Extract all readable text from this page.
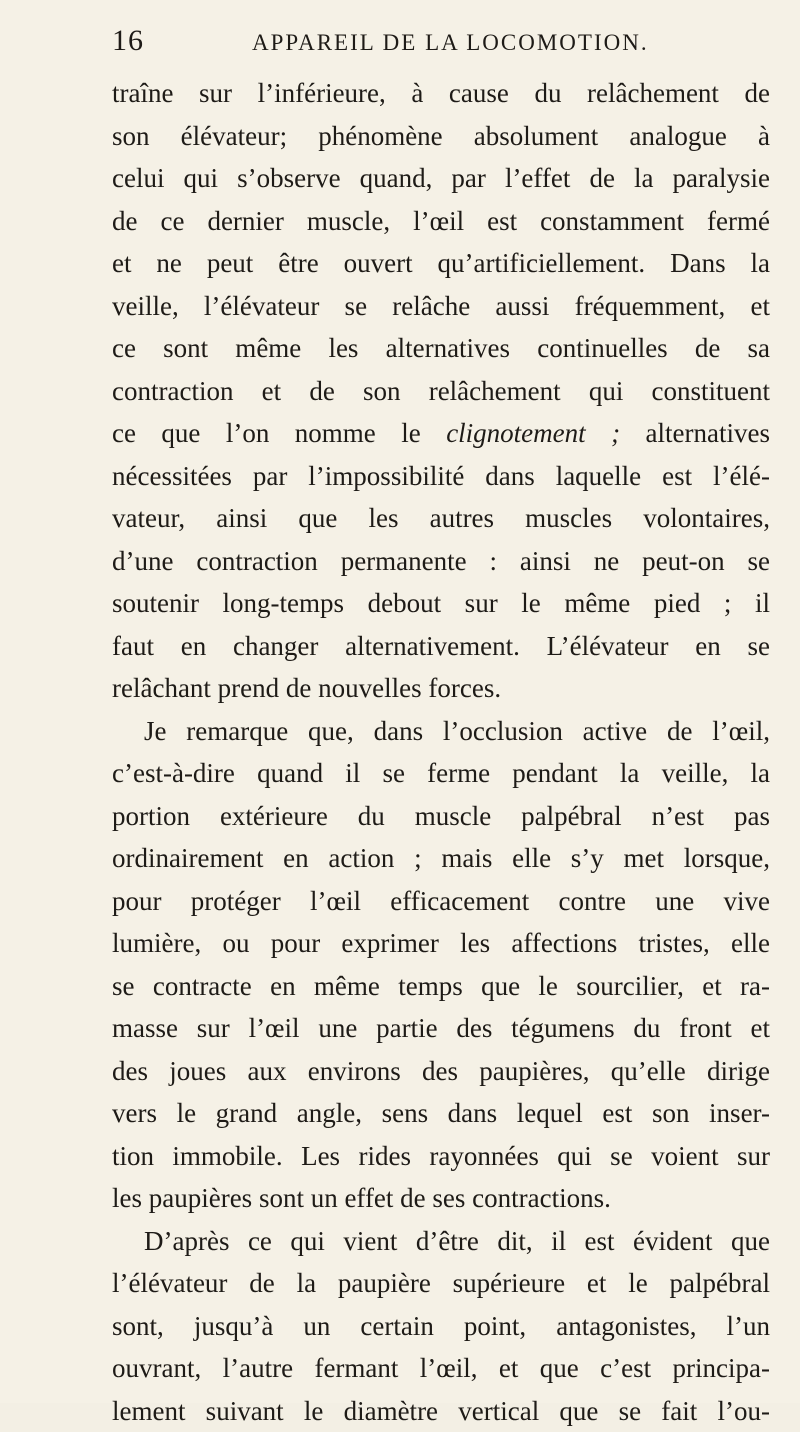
16	APPAREIL DE LA LOCOMOTION.
traîne sur l’inférieure, à cause du relâchement de
son élévateur; phénomène absolument analogue à
celui qui s’observe quand, par l’effet de la paralysie
de ce dernier muscle, l’œil est constamment fermé
et ne peut être ouvert qu’artificiellement. Dans la
veille, l’élévateur se relâche aussi fréquemment, et
ce sont même les alternatives continuelles de sa
contraction et de son relâchement qui constituent
ce que l’on nomme le clignotement ; alternatives
nécessitées par l’impossibilité dans laquelle est l’élé-
vateur, ainsi que les autres muscles volontaires,
d’une contraction permanente : ainsi ne peut-on se
soutenir long-temps debout sur le même pied ; il
faut en changer alternativement. L’élévateur en se
relâchant prend de nouvelles forces.
Je remarque que, dans l’occlusion active de l’œil,
c’est-à-dire quand il se ferme pendant la veille, la
portion extérieure du muscle palpébral n’est pas
ordinairement en action ; mais elle s’y met lorsque,
pour protéger l’œil efficacement contre une vive
lumière, ou pour exprimer les affections tristes, elle
se contracte en même temps que le sourcilier, et ra-
masse sur l’œil une partie des tégumens du front et
des joues aux environs des paupières, qu’elle dirige
vers le grand angle, sens dans lequel est son inser-
tion immobile. Les rides rayonnées qui se voient sur
les paupières sont un effet de ses contractions.
D’après ce qui vient d’être dit, il est évident que
l’élévateur de la paupière supérieure et le palpébral
sont, jusqu’à un certain point, antagonistes, l’un
ouvrant, l’autre fermant l’œil, et que c’est principa-
lement suivant le diamètre vertical que se fait l’ou-
